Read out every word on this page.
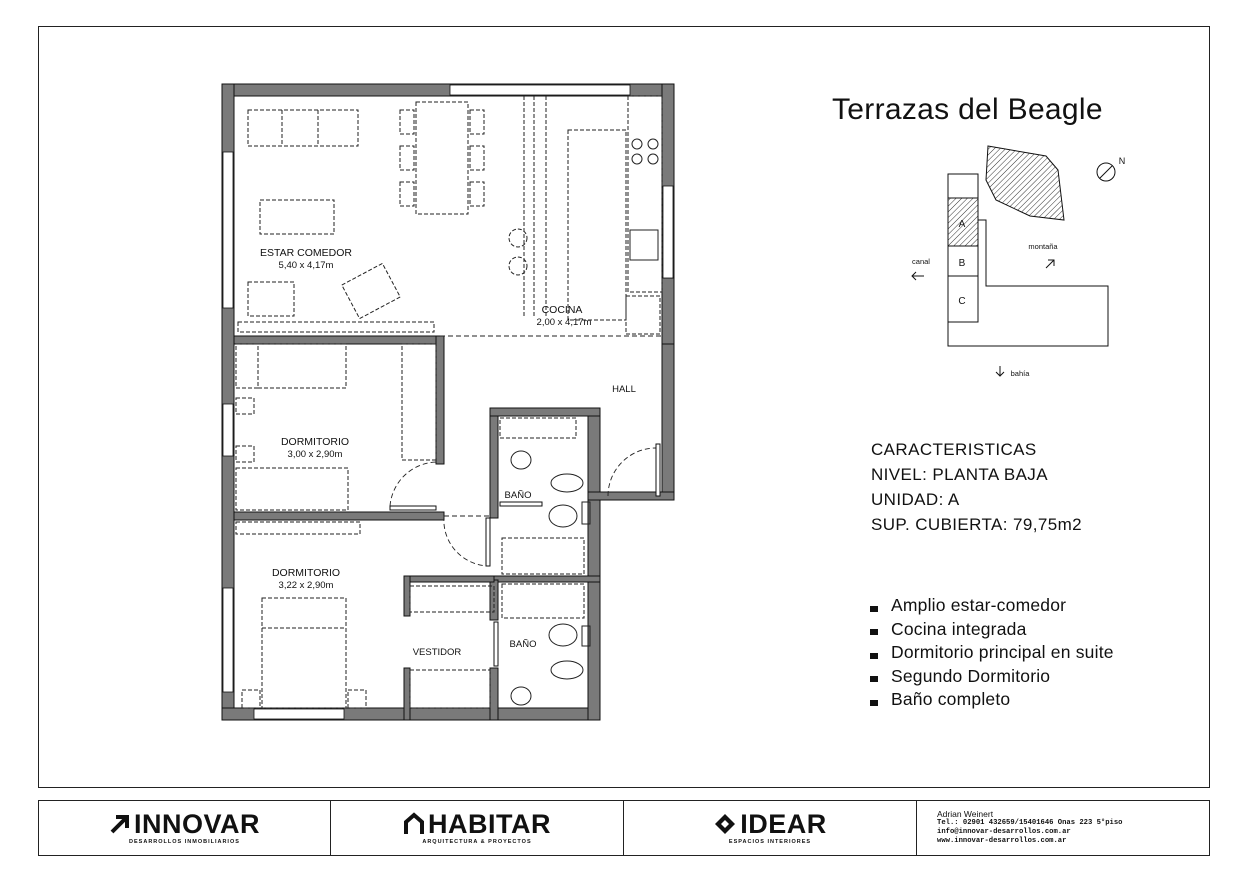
ESTAR COMEDOR
5,40 x 4,17m
COCINA
2,00 x 4,17m
HALL
DORMITORIO
3,00 x 2,90m
BAÑO
DORMITORIO
3,22 x 2,90m
VESTIDOR
BAÑO
A
B
C
N
canal
montaña
bahía
Terrazas del Beagle
CARACTERISTICAS
NIVEL: PLANTA BAJA
UNIDAD: A
SUP. CUBIERTA: 79,75m2
Amplio estar-comedor
Cocina integrada
Dormitorio principal en suite
Segundo Dormitorio
Baño completo
INNOVAR
DESARROLLOS INMOBILIARIOS
HABITAR
ARQUITECTURA & PROYECTOS
IDEAR
ESPACIOS INTERIORES
Adrian Weinert
Tel.: 02901 432659/15401646 Onas 223 5°piso
info@innovar-desarrollos.com.ar
www.innovar-desarrollos.com.ar
